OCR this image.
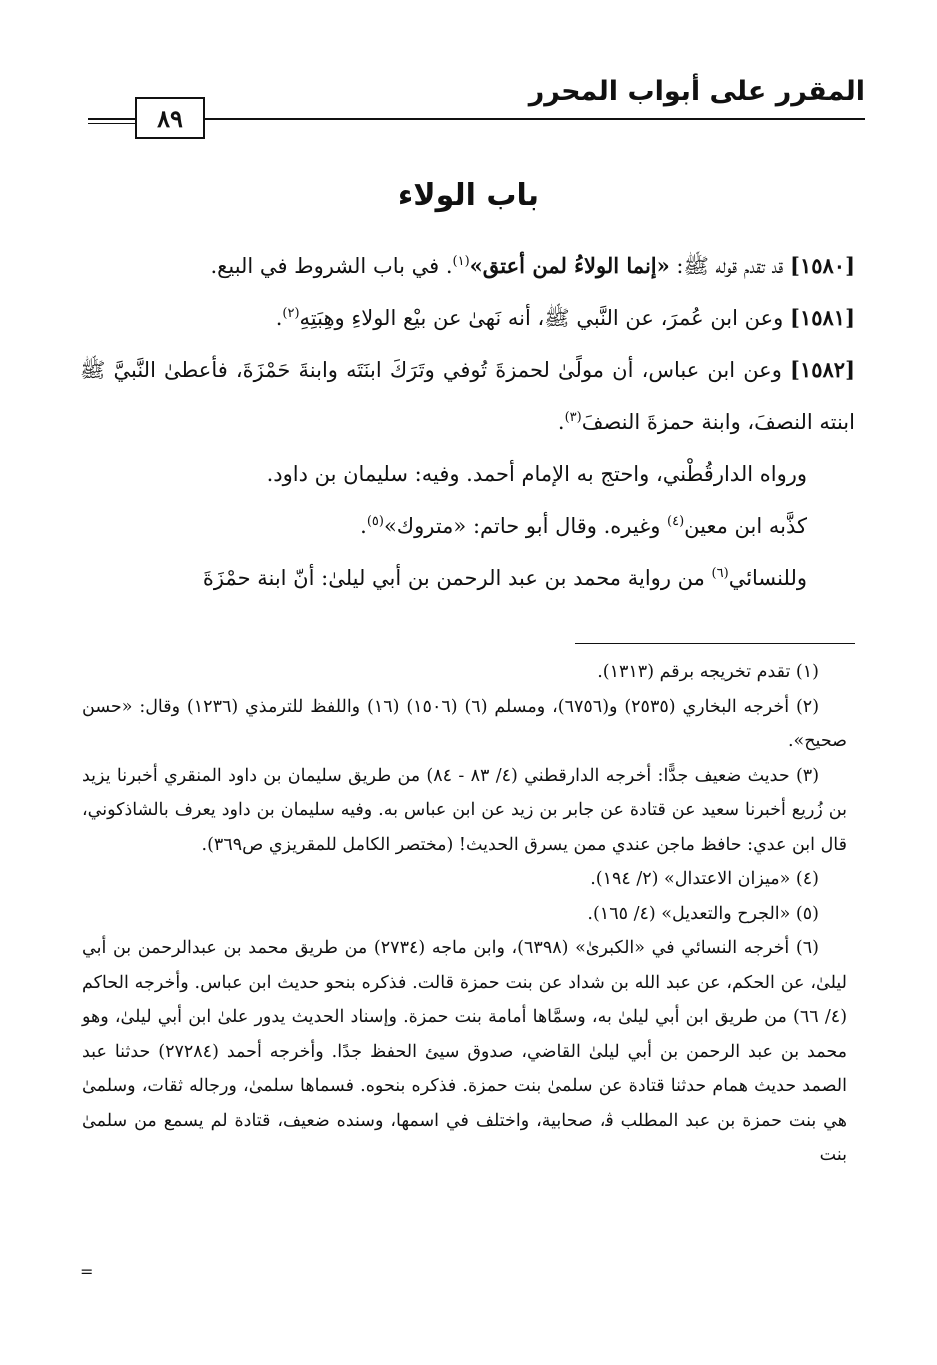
المقرر على أبواب المحرر
٨٩
باب الولاء

[١٥٨٠] قد تقدم قوله ﷺ: «إنما الولاءُ لمن أعتق»$^{(١)}$. في باب الشروط في البيع.

[١٥٨١] وعن ابن عُمرَ، عن النَّبي ﷺ، أنه نَهىٰ عن بيْع الولاءِ وهِبَتِهِ$^{(٢)}$.

[١٥٨٢] وعن ابن عباس، أن مولًىٰ لحمزةَ تُوفي وتَرَكَ ابنَتَه وابنةَ حَمْزَةَ، فأعطىٰ النَّبيَّ ﷺ ابنته النصفَ، وابنة حمزةَ النصفَ$^{(٣)}$.

ورواه الدارقُطْني، واحتج به الإمام أحمد. وفيه: سليمان بن داود.

كذَّبه ابن معين$^{(٤)}$ وغيره. وقال أبو حاتم: «متروك»$^{(٥)}$.

وللنسائي$^{(٦)}$ من رواية محمد بن عبد الرحمن بن أبي ليلىٰ: أنّ ابنة حمْزَةَ

(١) تقدم تخريجه برقم (١٣١٣).

(٢) أخرجه البخاري (٢٥٣٥) و(٦٧٥٦)، ومسلم (٦) (١٥٠٦) (١٦) واللفظ للترمذي (١٢٣٦) وقال: «حسن صحيح».

(٣) حديث ضعيف جدًّا: أخرجه الدارقطني (٤/ ٨٣ - ٨٤) من طريق سليمان بن داود المنقري أخبرنا يزيد بن زُريع أخبرنا سعيد عن قتادة عن جابر بن زيد عن ابن عباس به. وفيه سليمان بن داود يعرف بالشاذكوني، قال ابن عدي: حافظ ماجن عندي ممن يسرق الحديث! (مختصر الكامل للمقريزي ص٣٦٩).

(٤) «ميزان الاعتدال» (٢/ ١٩٤).

(٥) «الجرح والتعديل» (٤/ ١٦٥).

(٦) أخرجه النسائي في «الكبرىٰ» (٦٣٩٨)، وابن ماجه (٢٧٣٤) من طريق محمد بن عبدالرحمن بن أبي ليلىٰ، عن الحكم، عن عبد الله بن شداد عن بنت حمزة قالت. فذكره بنحو حديث ابن عباس. وأخرجه الحاكم (٤/ ٦٦) من طريق ابن أبي ليلىٰ به، وسمَّاها أمامة بنت حمزة. وإسناد الحديث يدور علىٰ ابن أبي ليلىٰ، وهو محمد بن عبد الرحمن بن أبي ليلىٰ القاضي، صدوق سيئ الحفظ جدًا. وأخرجه أحمد (٢٧٢٨٤) حدثنا عبد الصمد حديث همام حدثنا قتادة عن سلمىٰ بنت حمزة. فذكره بنحوه. فسماها سلمىٰ، ورجاله ثقات، وسلمىٰ هي بنت حمزة بن عبد المطلب ﭬ، صحابية، واختلف في اسمها، وسنده ضعيف، قتادة لم يسمع من سلمىٰ بنت

=
